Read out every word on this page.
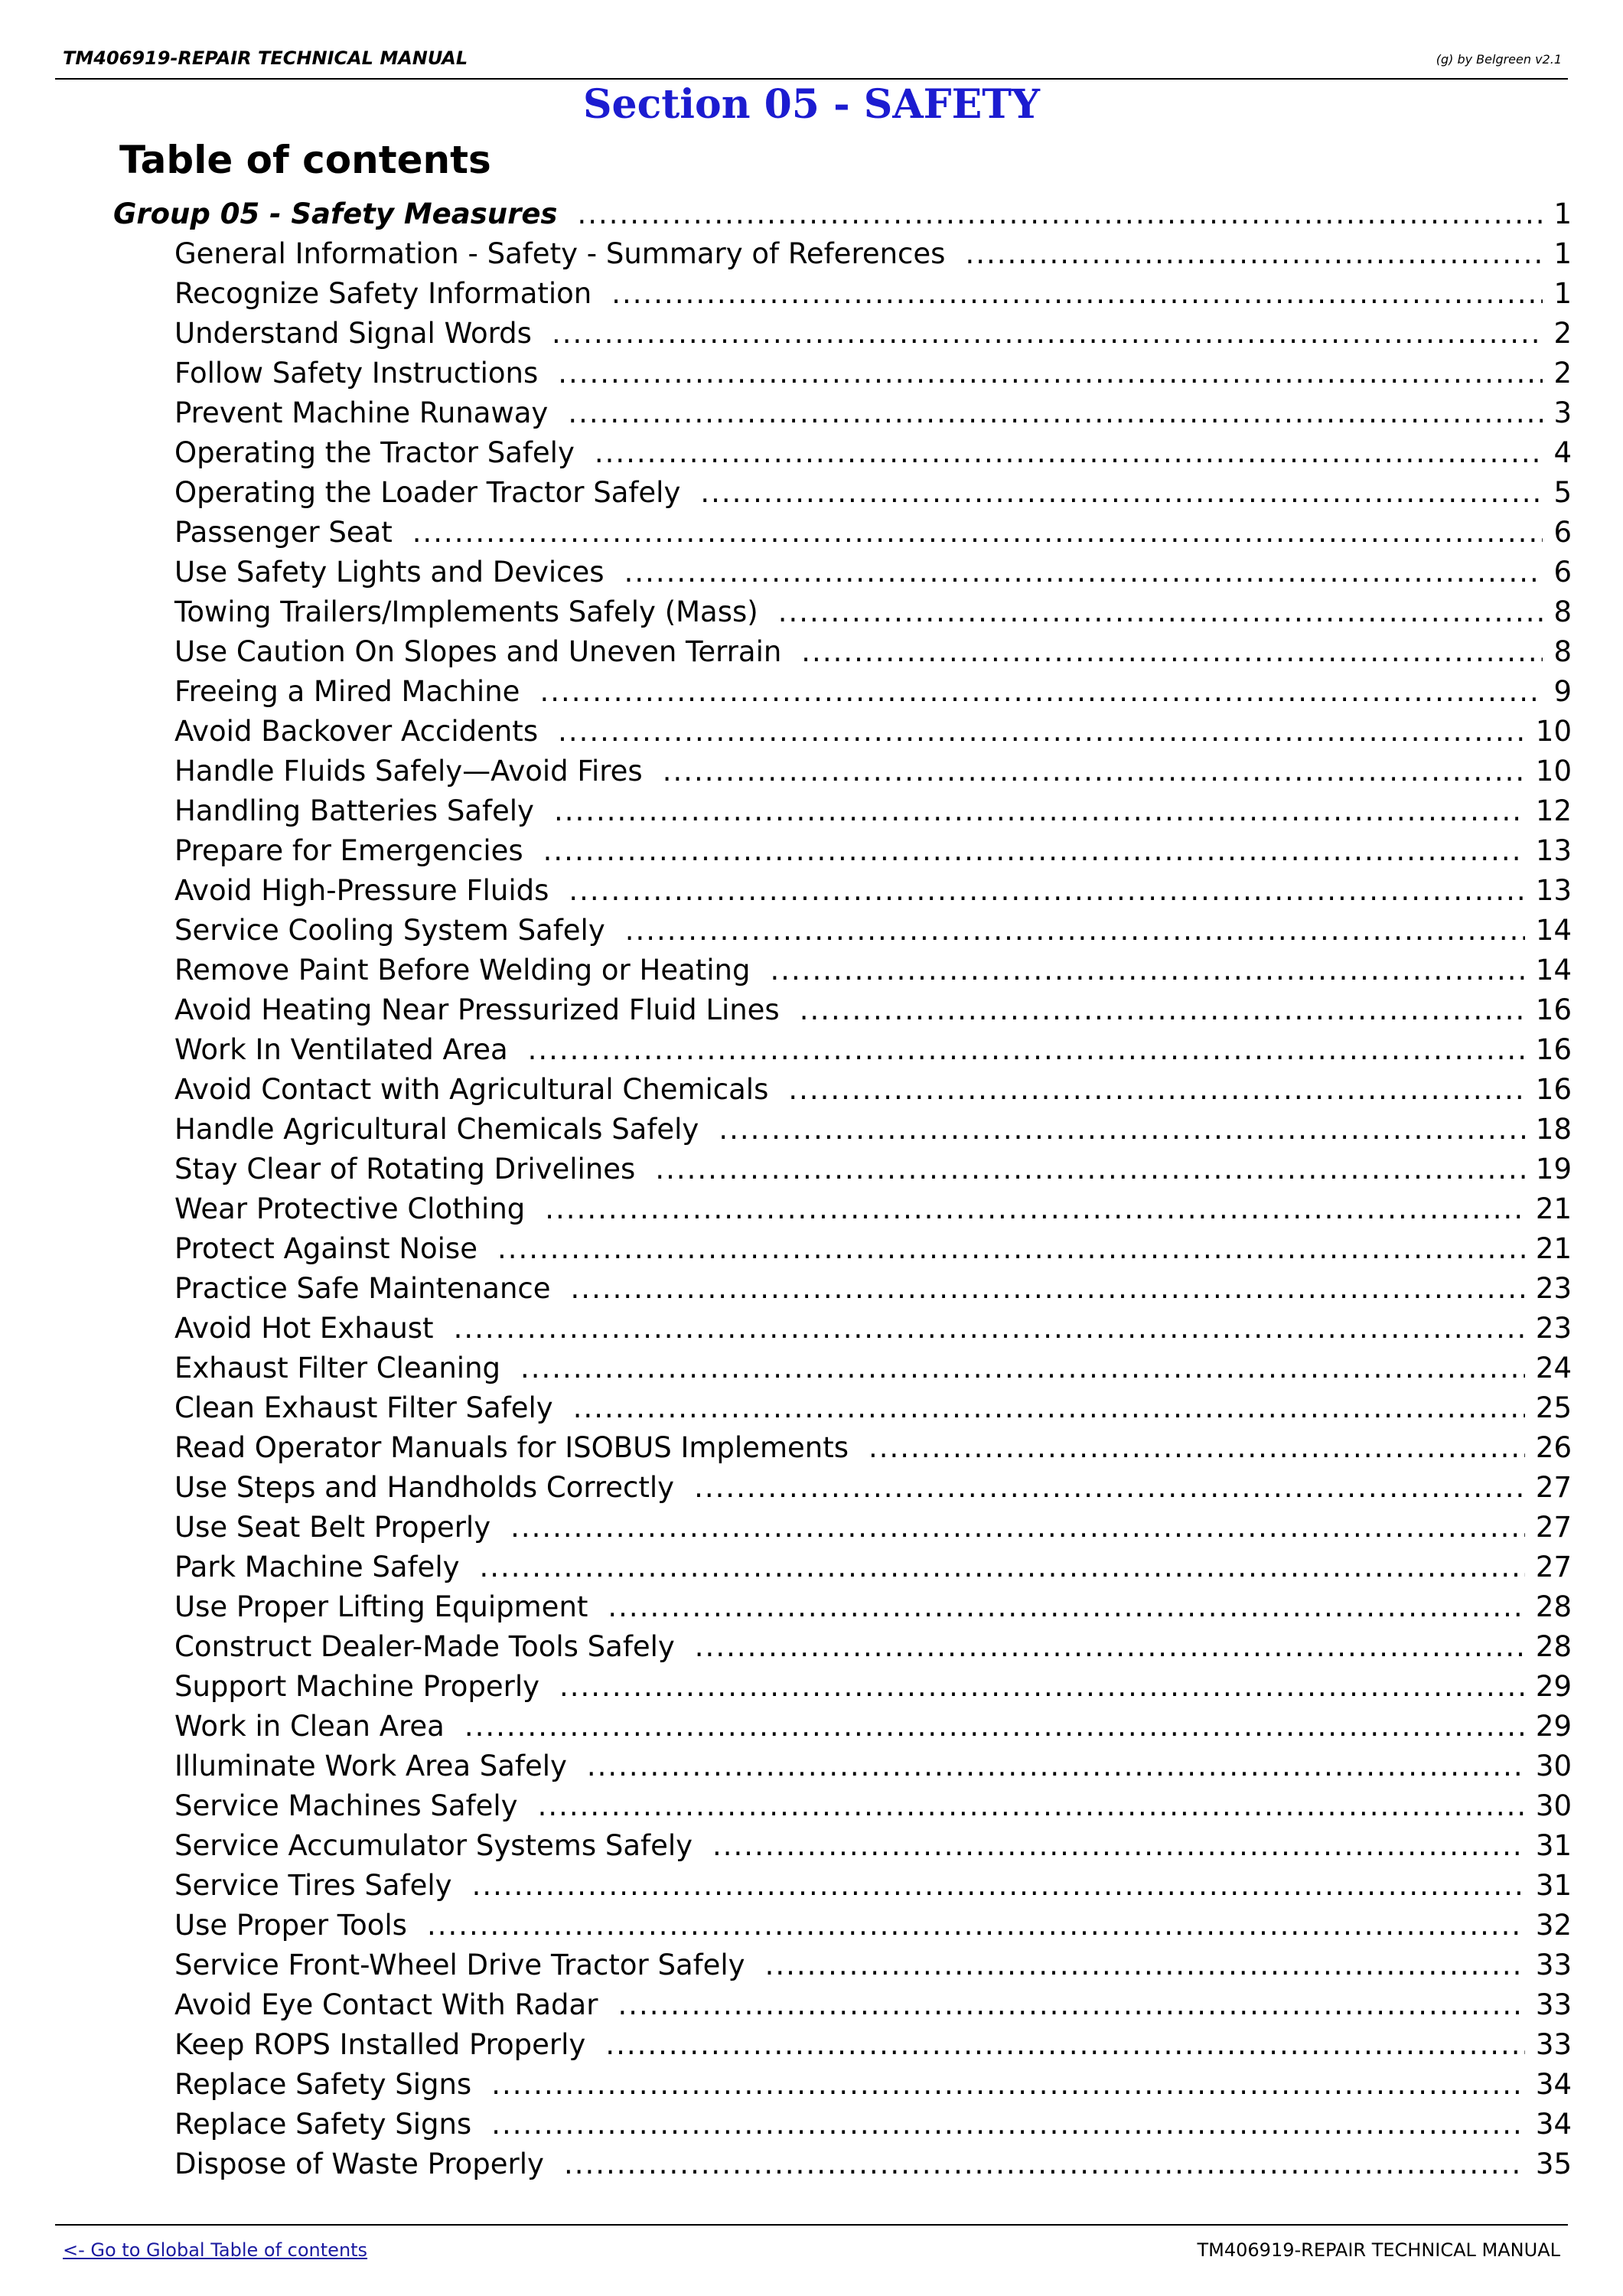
TM406919-REPAIR TECHNICAL MANUAL	(g) by Belgreen v2.1
Section 05 - SAFETY
Table of contents
Group 05 - Safety Measures .....	1
General Information - Safety - Summary of References .....	1
Recognize Safety Information .....	1
Understand Signal Words .....	2
Follow Safety Instructions .....	2
Prevent Machine Runaway .....	3
Operating the Tractor Safely .....	4
Operating the Loader Tractor Safely .....	5
Passenger Seat .....	6
Use Safety Lights and Devices .....	6
Towing Trailers/Implements Safely (Mass) .....	8
Use Caution On Slopes and Uneven Terrain .....	8
Freeing a Mired Machine .....	9
Avoid Backover Accidents .....	10
Handle Fluids Safely—Avoid Fires .....	10
Handling Batteries Safely .....	12
Prepare for Emergencies .....	13
Avoid High-Pressure Fluids .....	13
Service Cooling System Safely .....	14
Remove Paint Before Welding or Heating .....	14
Avoid Heating Near Pressurized Fluid Lines .....	16
Work In Ventilated Area .....	16
Avoid Contact with Agricultural Chemicals .....	16
Handle Agricultural Chemicals Safely .....	18
Stay Clear of Rotating Drivelines .....	19
Wear Protective Clothing .....	21
Protect Against Noise .....	21
Practice Safe Maintenance .....	23
Avoid Hot Exhaust .....	23
Exhaust Filter Cleaning .....	24
Clean Exhaust Filter Safely .....	25
Read Operator Manuals for ISOBUS Implements .....	26
Use Steps and Handholds Correctly .....	27
Use Seat Belt Properly .....	27
Park Machine Safely .....	27
Use Proper Lifting Equipment .....	28
Construct Dealer-Made Tools Safely .....	28
Support Machine Properly .....	29
Work in Clean Area .....	29
Illuminate Work Area Safely .....	30
Service Machines Safely .....	30
Service Accumulator Systems Safely .....	31
Service Tires Safely .....	31
Use Proper Tools .....	32
Service Front-Wheel Drive Tractor Safely .....	33
Avoid Eye Contact With Radar .....	33
Keep ROPS Installed Properly .....	33
Replace Safety Signs .....	34
Replace Safety Signs .....	34
Dispose of Waste Properly .....	35
<- Go to Global Table of contents	TM406919-REPAIR TECHNICAL MANUAL
